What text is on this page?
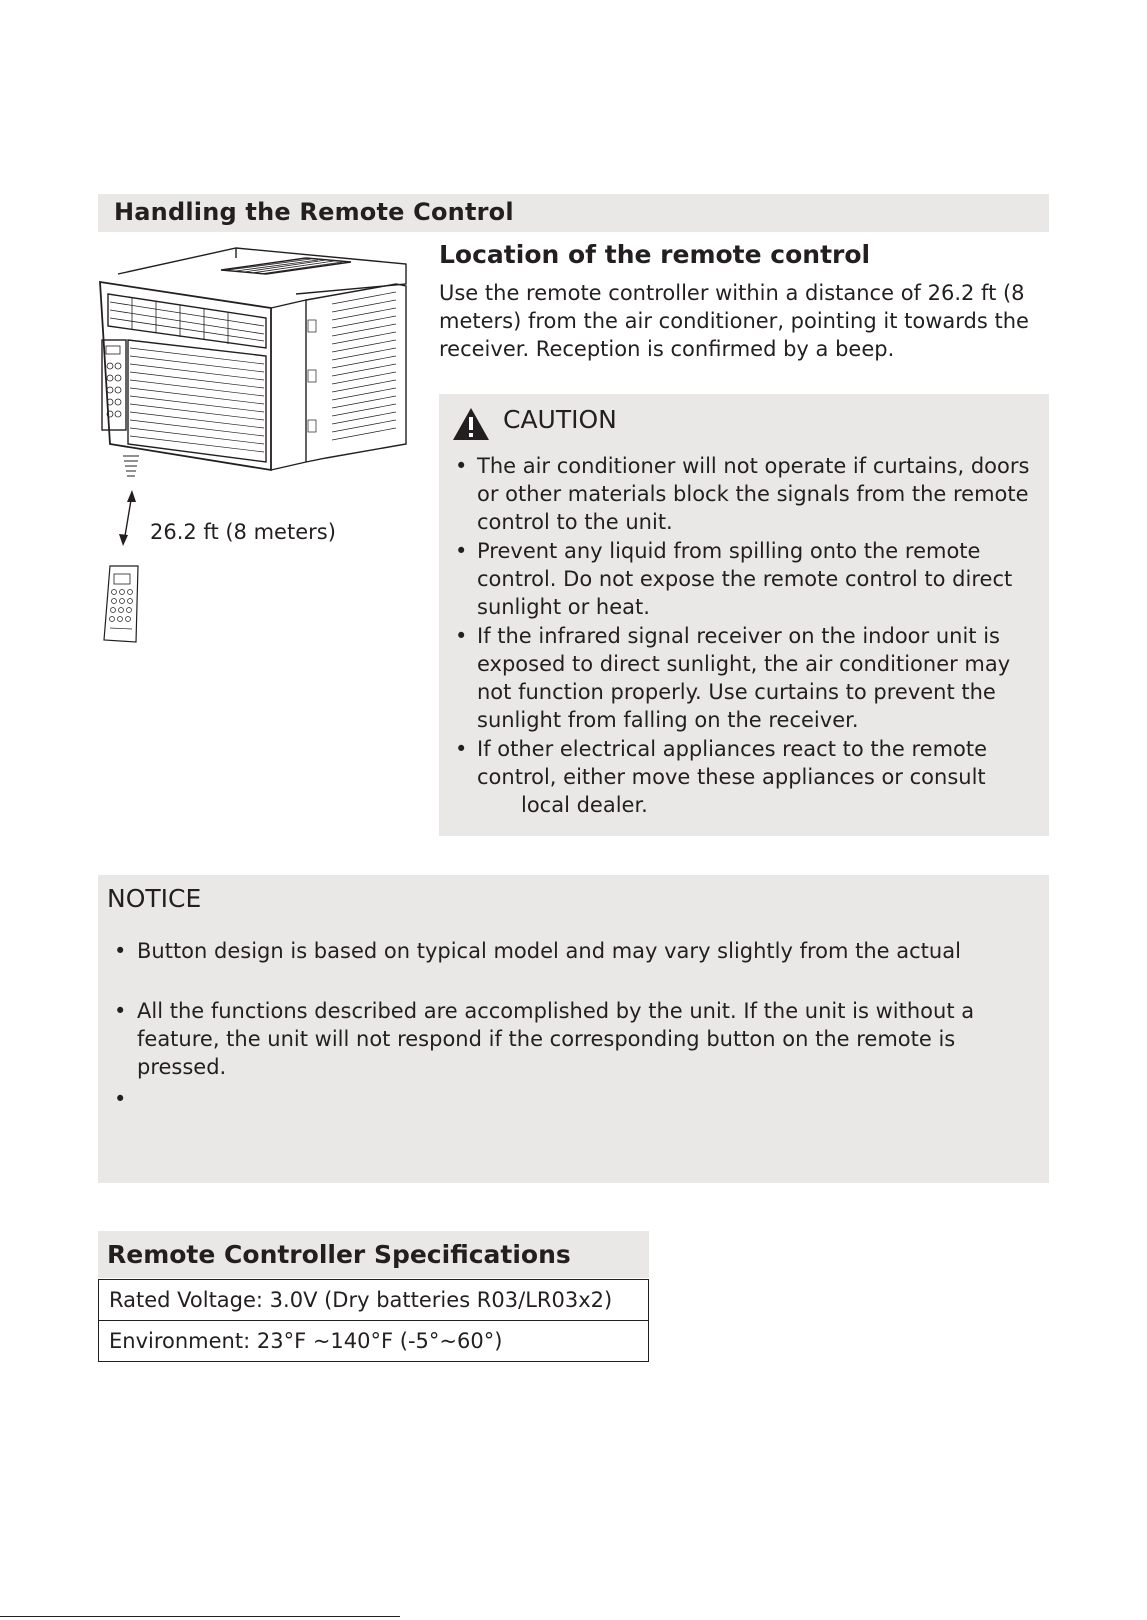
Handling the Remote Control
26.2 ft (8 meters)
Location of the remote control
Use the remote controller within a distance of 26.2 ft (8 meters) from the air conditioner, pointing it towards the receiver. Reception is confirmed by a beep.
CAUTION
• The air conditioner will not operate if curtains, doors or other materials block the signals from the remote control to the unit.
• Prevent any liquid from spilling onto the remote control. Do not expose the remote control to direct sunlight or heat.
• If the infrared signal receiver on the indoor unit is exposed to direct sunlight, the air conditioner may not function properly. Use curtains to prevent the sunlight from falling on the receiver.
• If other electrical appliances react to the remote control, either move these appliances or consult
local dealer.
NOTICE
• Button design is based on typical model and may vary slightly from the actual
• All the functions described are accomplished by the unit. If the unit is without a feature, the unit will not respond if the corresponding button on the remote is pressed.
•
Remote Controller Specifications
Rated Voltage: 3.0V (Dry batteries R03/LR03x2)
Environment: 23°F ~140°F (-5°~60°)
